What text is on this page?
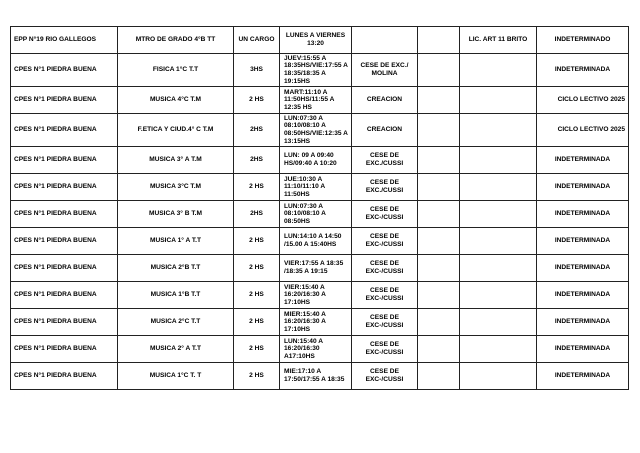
EPP N°19 RIO GALLEGOS	MTRO DE GRADO 4°B TT	UN CARGO	LUNES A VIERNES 13:20			LIC. ART 11 BRITO	INDETERMINADO
CPES N°1 PIEDRA BUENA	FISICA 1°C T.T	3HS	JUEV:15:55 A 18:35HS/VIE:17:55 A 18:35/18:35 A 19:15HS	CESE DE EXC./ MOLINA			INDETERMINADA
CPES N°1 PIEDRA BUENA	MUSICA 4°C T.M	2 HS	MART:11:10 A 11:50HS/11:55 A 12:35 HS	CREACION			CICLO LECTIVO 2025
CPES N°1 PIEDRA BUENA	F.ETICA Y CIUD.4° C T.M	2HS	LUN:07:30 A 08:10/08:10 A 08:50HS/VIE:12:35 A 13:15HS	CREACION			CICLO LECTIVO 2025
CPES N°1 PIEDRA BUENA	MUSICA 3° A T.M	2HS	LUN: 09 A 09:40 HS/09:40 A 10:20	CESE DE EXC./CUSSI			INDETERMINADA
CPES N°1 PIEDRA BUENA	MUSICA 3°C T.M	2 HS	JUE:10:30 A 11:10/11:10 A 11:50HS	CESE DE EXC./CUSSI			INDETERMINADA
CPES N°1 PIEDRA BUENA	MUSICA 3° B T.M	2HS	LUN:07:30 A 08:10/08:10 A 08:50HS	CESE DE EXC-/CUSSI			INDETERMINADA
CPES N°1 PIEDRA BUENA	MUSICA 1° A T.T	2 HS	LUN:14:10 A 14:50 /15.00 A 15:40HS	CESE DE EXC-/CUSSI			INDETERMINADA
CPES N°1 PIEDRA BUENA	MUSICA 2°B T.T	2 HS	VIER:17:55 A 18:35 /18:35 A 19:15	CESE DE EXC-/CUSSI			INDETERMINADA
CPES N°1 PIEDRA BUENA	MUSICA 1°B T.T	2 HS	VIER:15:40 A 16:20/16:30 A 17:10HS	CESE DE EXC-/CUSSI			INDETERMINADA
CPES N°1 PIEDRA BUENA	MUSICA 2°C T.T	2 HS	MIER:15:40 A 16:20/16:30 A 17:10HS	CESE DE EXC-/CUSSI			INDETERMINADA
CPES N°1 PIEDRA BUENA	MUSICA 2° A T.T	2 HS	LUN:15:40 A 16:20/16:30 A17:10HS	CESE DE EXC-/CUSSI			INDETERMINADA
CPES N°1 PIEDRA BUENA	MUSICA 1°C T. T	2 HS	MIE:17:10 A 17:50/17:55 A 18:35	CESE DE EXC-/CUSSI			INDETERMINADA
